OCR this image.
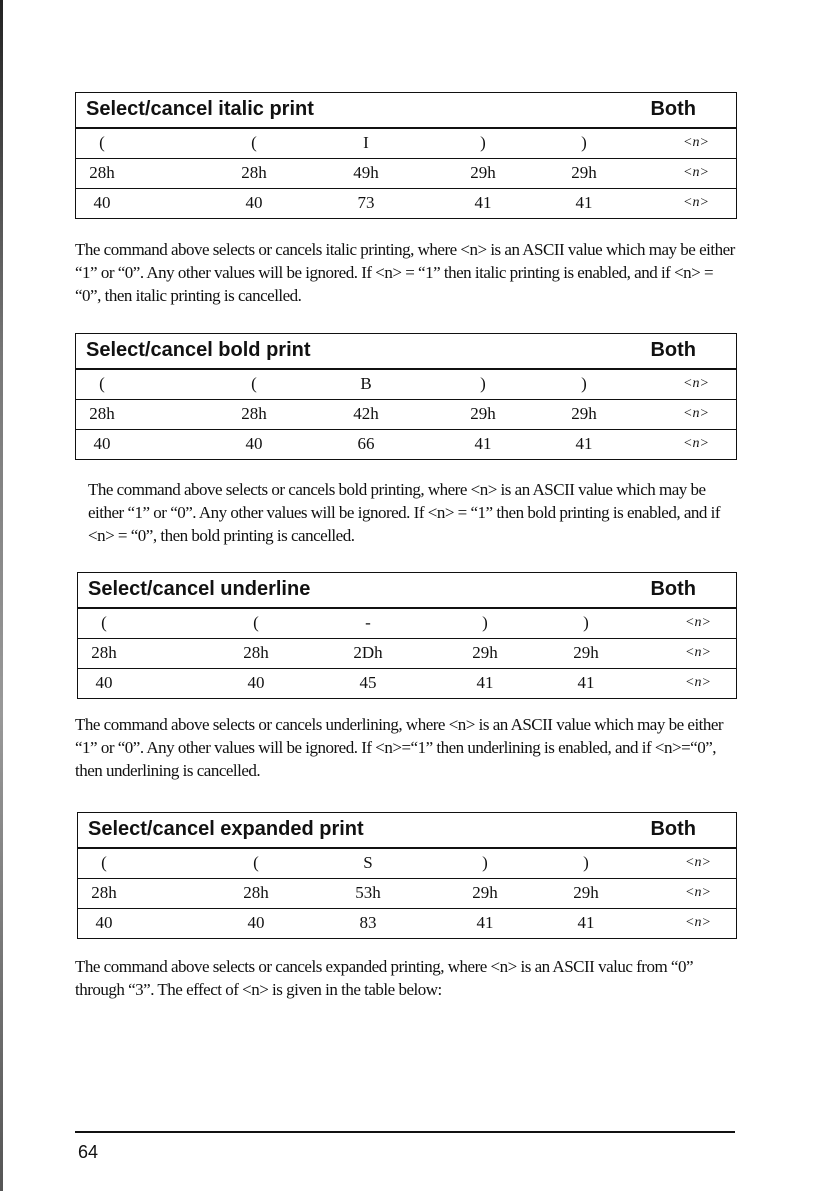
Select/cancel italic print	Both
(	(	I	)	)	<n>
28h	28h	49h	29h	29h	<n>
40	40	73	41	41	<n>
The command above selects or cancels italic printing, where <n> is an ASCII value which may be either “1” or “0”. Any other values will be ignored. If <n> = “1” then italic printing is enabled, and if <n> = “0”, then italic printing is cancelled.
Select/cancel bold print	Both
(	(	B	)	)	<n>
28h	28h	42h	29h	29h	<n>
40	40	66	41	41	<n>
The command above selects or cancels bold printing, where <n> is an ASCII value which may be either “1” or “0”. Any other values will be ignored. If <n> = “1” then bold printing is enabled, and if <n> = “0”, then bold printing is cancelled.
Select/cancel underline	Both
(	(	-	)	)	<n>
28h	28h	2Dh	29h	29h	<n>
40	40	45	41	41	<n>
The command above selects or cancels underlining, where <n> is an ASCII value which may be either “1” or “0”. Any other values will be ignored. If <n>=“1” then underlining is enabled, and if <n>=“0”, then underlining is cancelled.
Select/cancel expanded print	Both
(	(	S	)	)	<n>
28h	28h	53h	29h	29h	<n>
40	40	83	41	41	<n>
The command above selects or cancels expanded printing, where <n> is an ASCII valuc from “0” through “3”. The effect of <n> is given in the table below:
64
